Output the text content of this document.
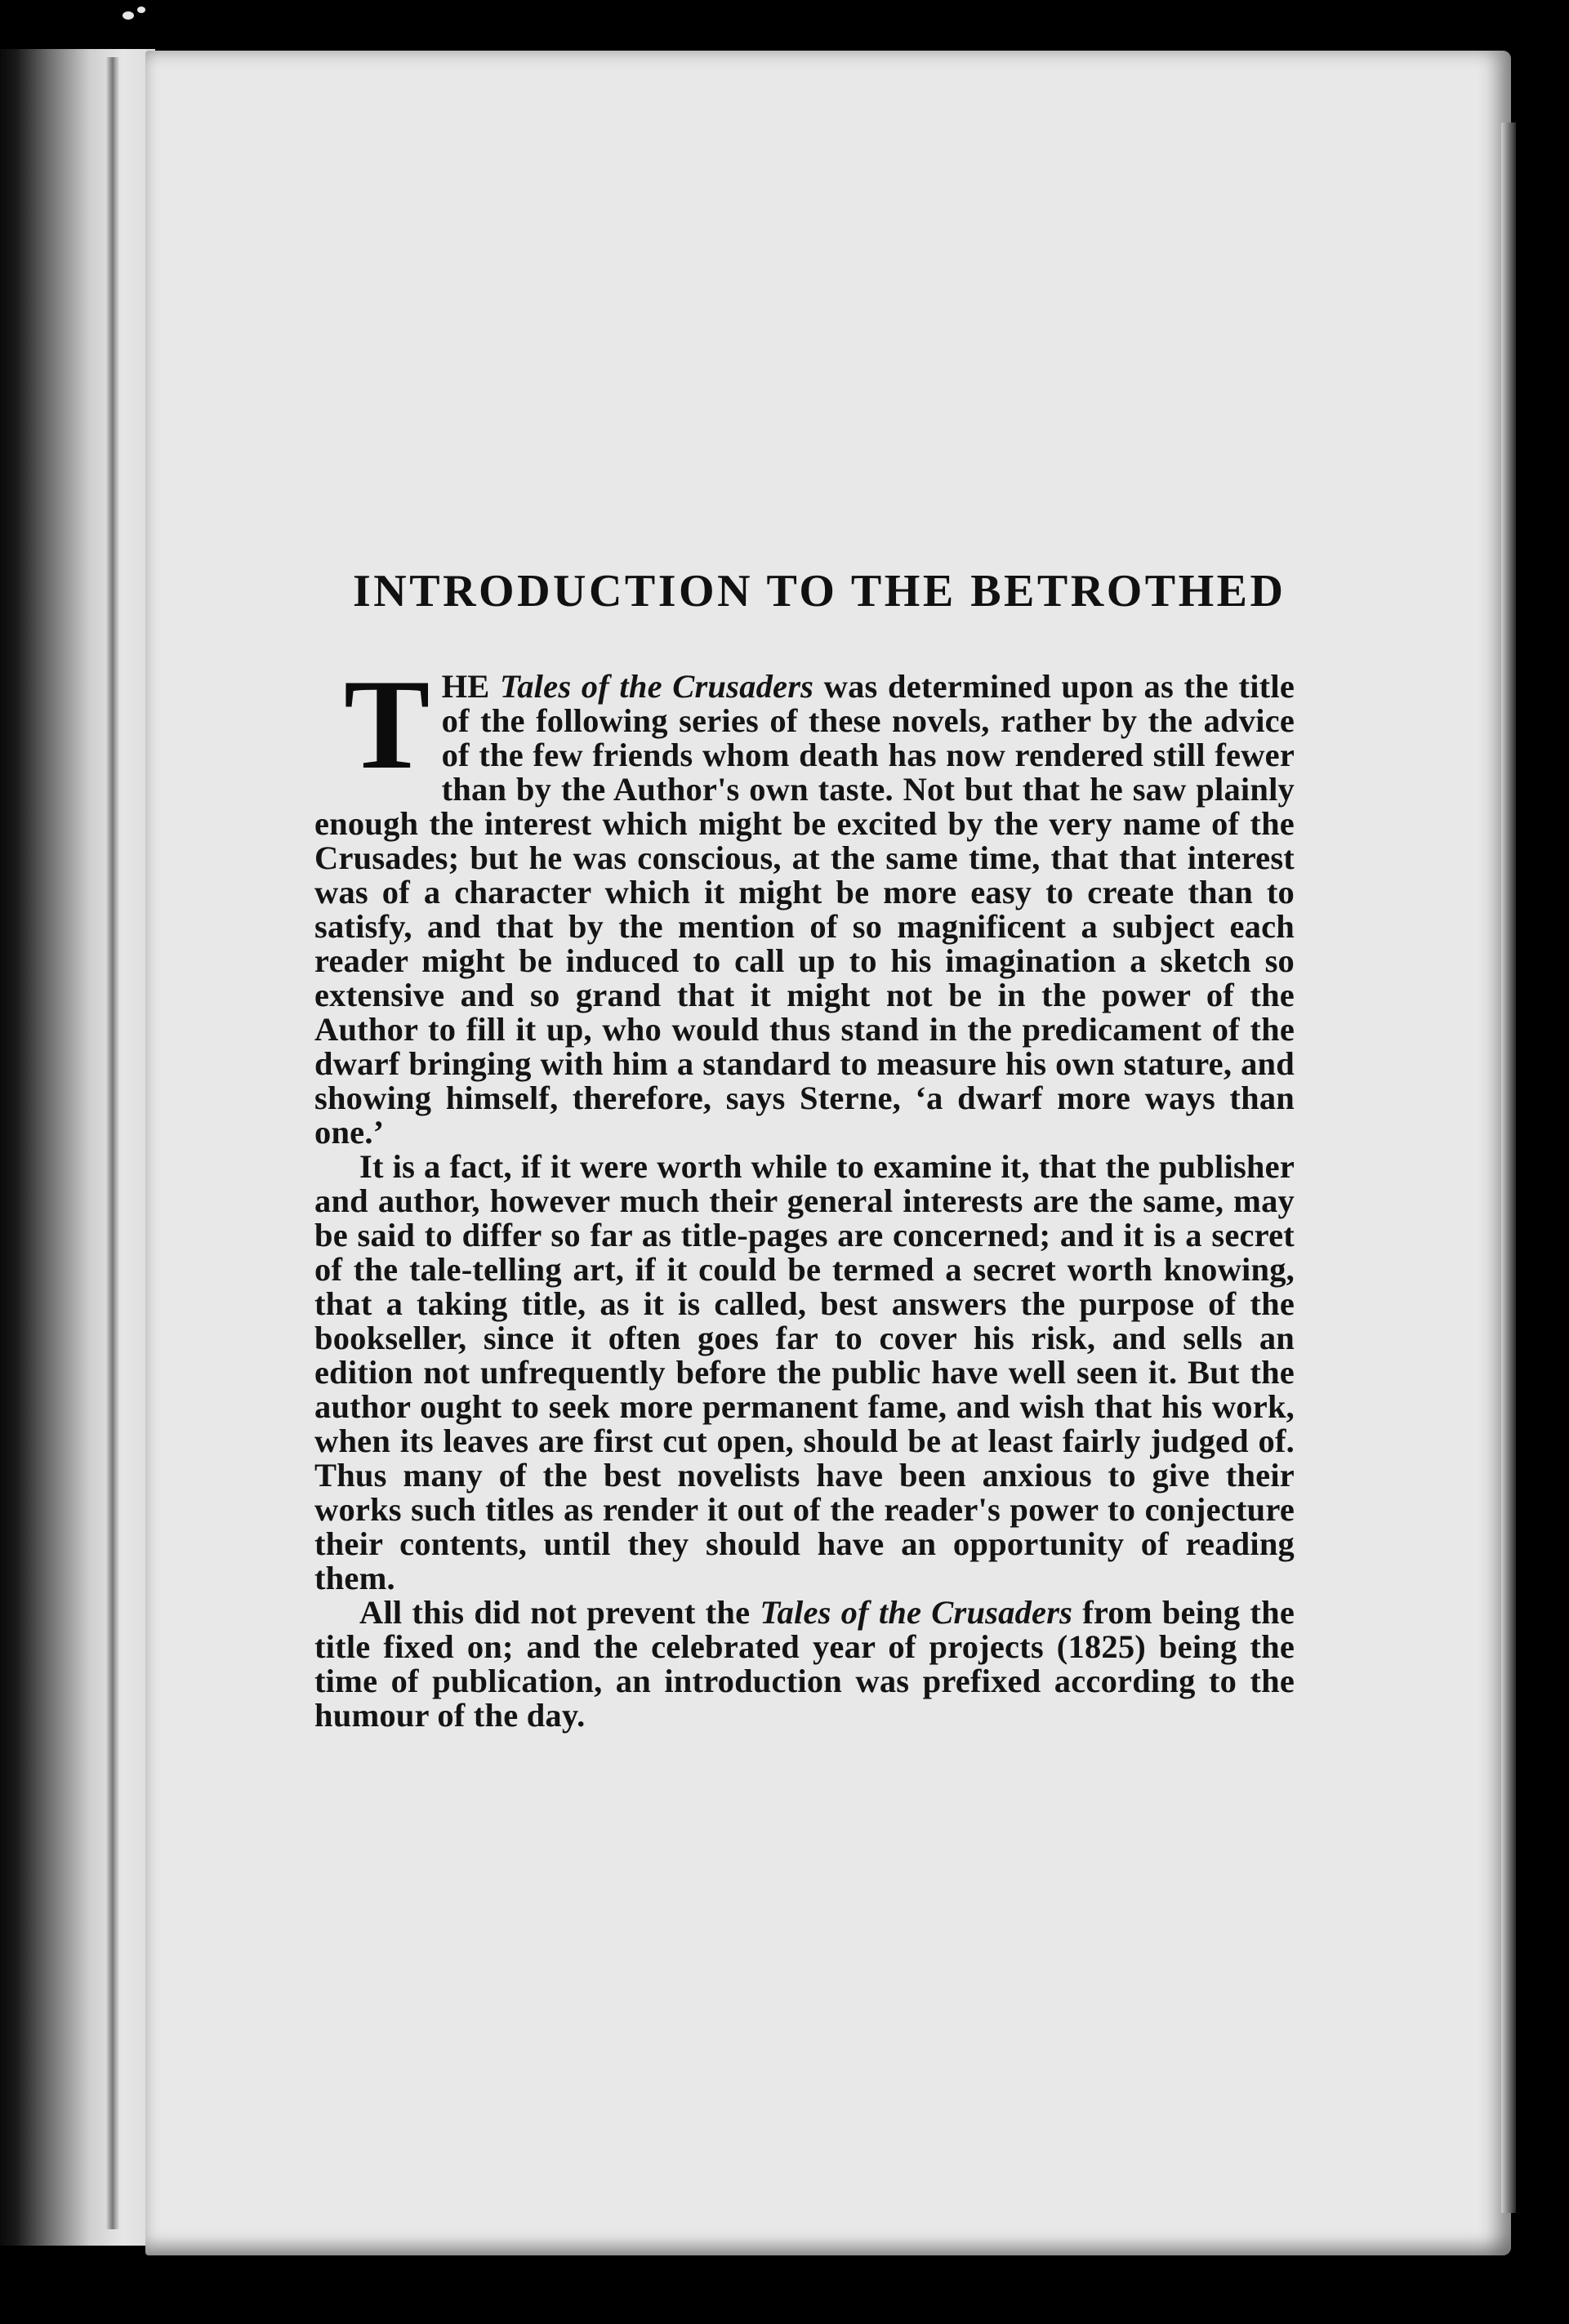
INTRODUCTION TO THE BETROTHED

THE Tales of the Crusaders was determined upon as the title of the following series of these novels, rather by the advice of the few friends whom death has now rendered still fewer than by the Author's own taste. Not but that he saw plainly enough the interest which might be excited by the very name of the Crusades; but he was conscious, at the same time, that that interest was of a character which it might be more easy to create than to satisfy, and that by the mention of so magnificent a subject each reader might be induced to call up to his imagination a sketch so extensive and so grand that it might not be in the power of the Author to fill it up, who would thus stand in the predicament of the dwarf bringing with him a standard to measure his own stature, and showing himself, therefore, says Sterne, ‘a dwarf more ways than one.’

It is a fact, if it were worth while to examine it, that the publisher and author, however much their general interests are the same, may be said to differ so far as title-pages are concerned; and it is a secret of the tale-telling art, if it could be termed a secret worth knowing, that a taking title, as it is called, best answers the purpose of the bookseller, since it often goes far to cover his risk, and sells an edition not unfrequently before the public have well seen it. But the author ought to seek more permanent fame, and wish that his work, when its leaves are first cut open, should be at least fairly judged of. Thus many of the best novelists have been anxious to give their works such titles as render it out of the reader's power to conjecture their contents, until they should have an opportunity of reading them.

All this did not prevent the Tales of the Crusaders from being the title fixed on; and the celebrated year of projects (1825) being the time of publication, an introduction was prefixed according to the humour of the day.
